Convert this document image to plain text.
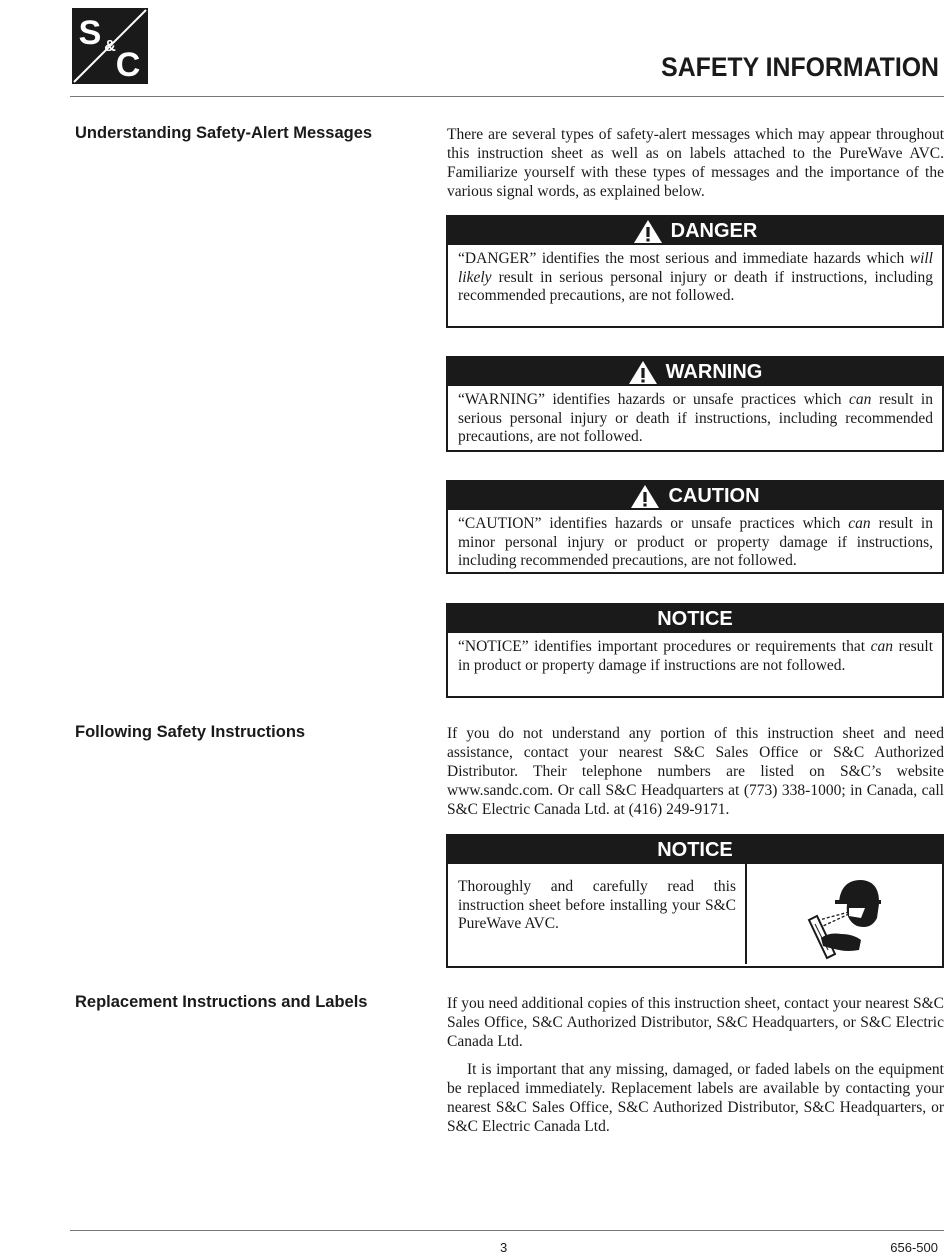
S & C	SAFETY INFORMATION
Understanding Safety-Alert Messages	There are several types of safety-alert messages which may appear throughout this instruction sheet as well as on labels attached to the PureWave AVC. Familiarize yourself with these types of messages and the importance of the various signal words, as explained below.

DANGER
“DANGER” identifies the most serious and immediate hazards which will likely result in serious personal injury or death if instructions, including recommended precautions, are not followed.
WARNING
“WARNING” identifies hazards or unsafe practices which can result in serious personal injury or death if instructions, including recommended precautions, are not followed.
CAUTION
“CAUTION” identifies hazards or unsafe practices which can result in minor personal injury or product or property damage if instructions, including recommended precautions, are not followed.
NOTICE
“NOTICE” identifies important procedures or requirements that can result in product or property damage if instructions are not followed.
Following Safety Instructions	If you do not understand any portion of this instruction sheet and need assistance, contact your nearest S&C Sales Office or S&C Authorized Distributor. Their telephone numbers are listed on S&C’s website www.sandc.com. Or call S&C Headquarters at (773) 338-1000; in Canada, call S&C Electric Canada Ltd. at (416) 249-9171.

NOTICE
Thoroughly and carefully read this instruction sheet before installing your S&C PureWave AVC.
Replacement Instructions and Labels	If you need additional copies of this instruction sheet, contact your nearest S&C Sales Office, S&C Authorized Distributor, S&C Headquarters, or S&C Electric Canada Ltd.

It is important that any missing, damaged, or faded labels on the equipment be replaced immediately. Replacement labels are available by contacting your nearest S&C Sales Office, S&C Authorized Distributor, S&C Headquarters, or S&C Electric Canada Ltd.

3	656-500
